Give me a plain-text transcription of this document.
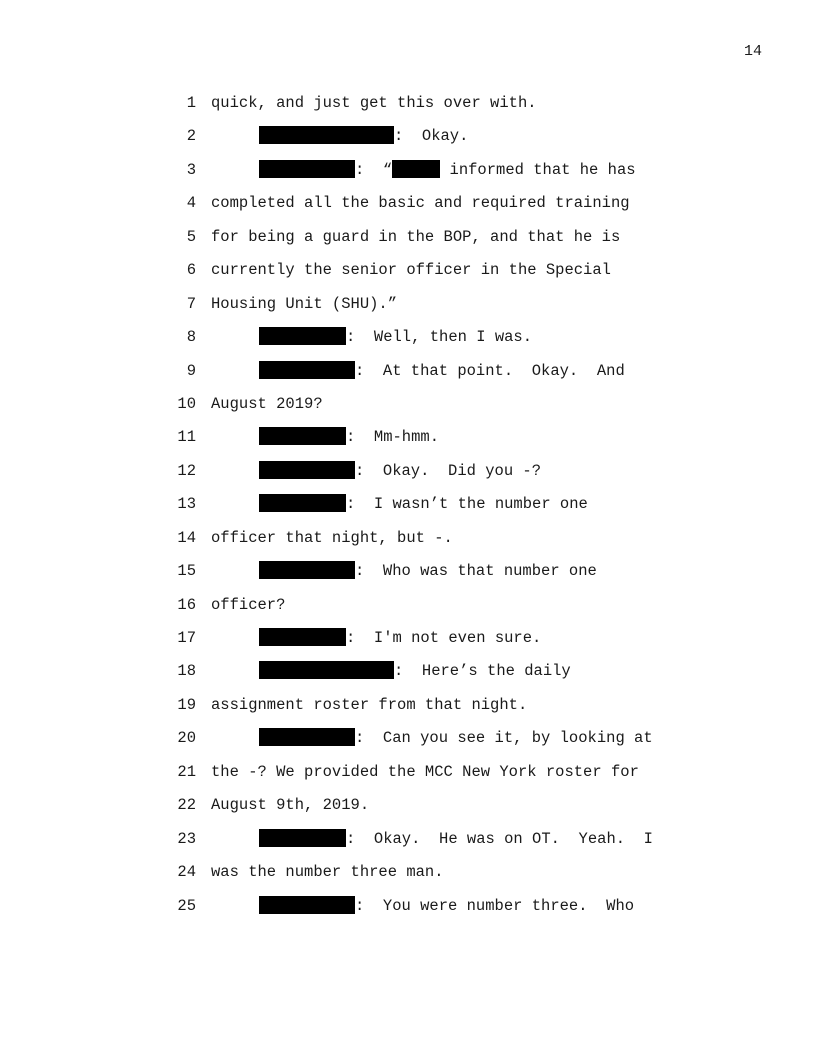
14
1 quick, and just get this over with.
2	:  Okay.
3	:  “	informed that he has
4 completed all the basic and required training
5 for being a guard in the BOP, and that he is
6 currently the senior officer in the Special
7 Housing Unit (SHU).”
8	:  Well, then I was.
9	:  At that point.  Okay.  And
10 August 2019?
11	:  Mm-hmm.
12	:  Okay.  Did you -?
13	:  I wasn’t the number one
14 officer that night, but -.
15	:  Who was that number one
16 officer?
17	:  I'm not even sure.
18	:  Here’s the daily
19 assignment roster from that night.
20	:  Can you see it, by looking at
21 the -? We provided the MCC New York roster for
22 August 9th, 2019.
23	:  Okay.  He was on OT.  Yeah.  I
24 was the number three man.
25	:  You were number three.  Who
